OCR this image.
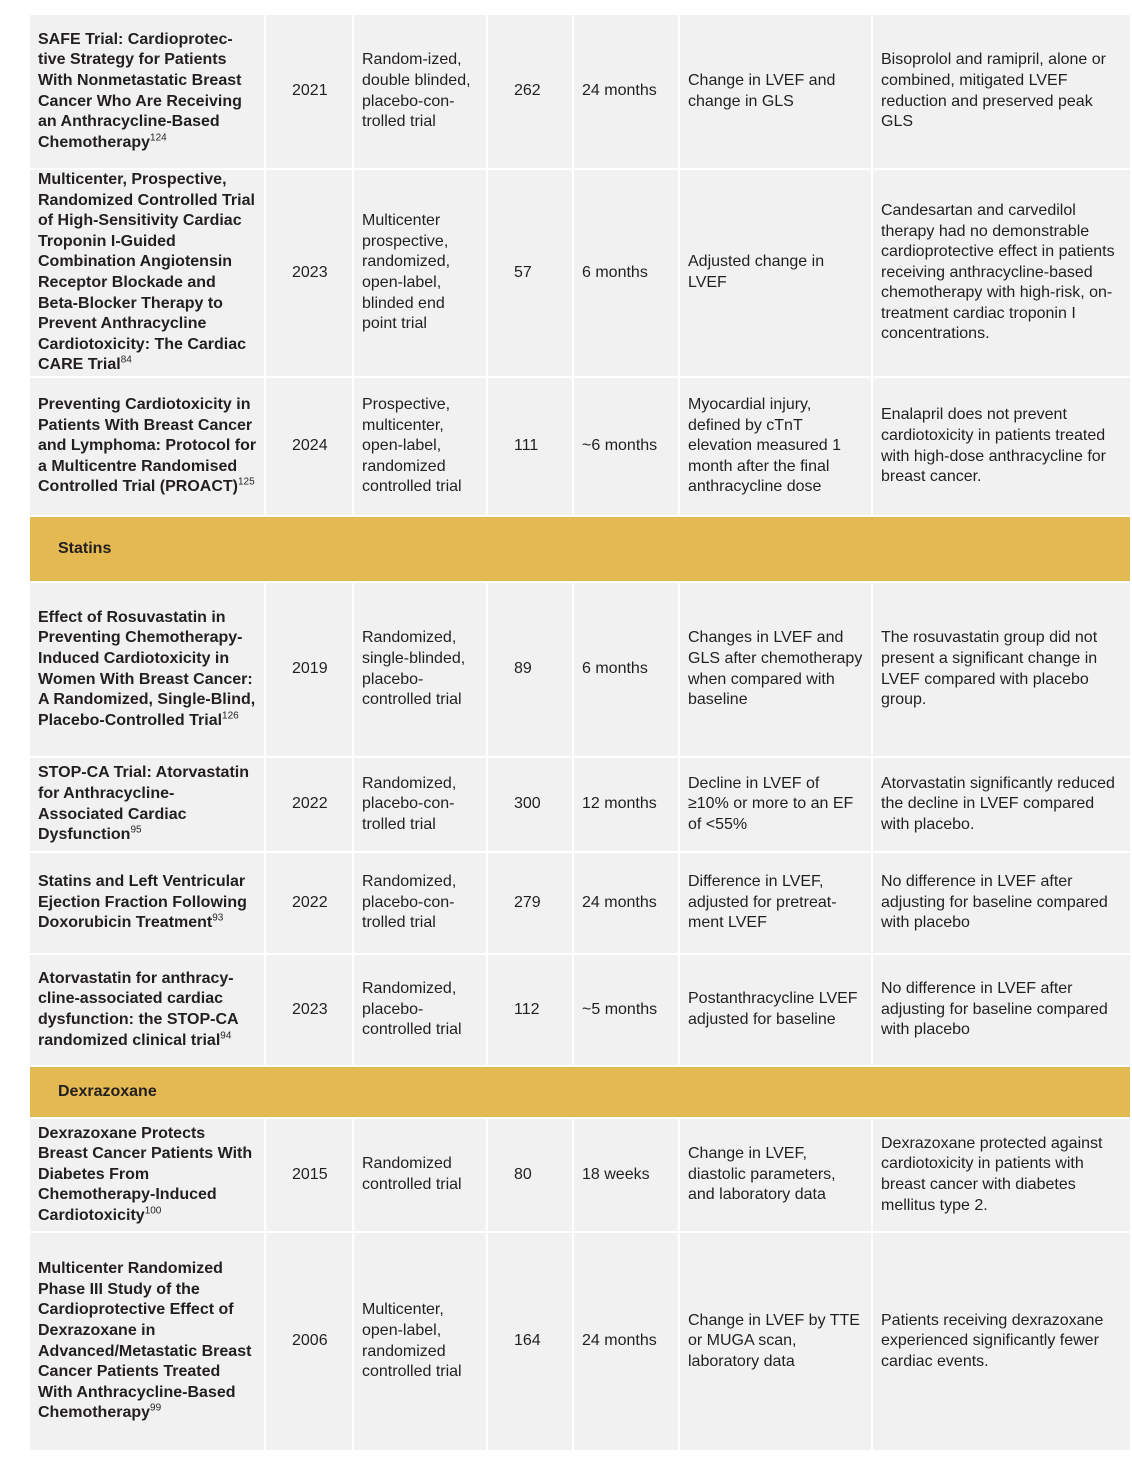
SAFE Trial: Cardioprotec-tive Strategy for Patients With Nonmetastatic Breast Cancer Who Are Receiving an Anthracycline-Based Chemotherapy$^{124}$	2021	Random-ized, double blinded, placebo-con-trolled trial	262	24 months	Change in LVEF and change in GLS	Bisoprolol and ramipril, alone or combined, mitigated LVEF reduction and preserved peak GLS
Multicenter, Prospective, Randomized Controlled Trial of High-Sensitivity Cardiac Troponin I-Guided Combination Angiotensin Receptor Blockade and Beta-Blocker Therapy to Prevent Anthracycline Cardiotoxicity: The Cardiac CARE Trial$^{84}$	2023	Multicenter prospective, randomized, open-label, blinded end point trial	57	6 months	Adjusted change in LVEF	Candesartan and carvedilol therapy had no demonstrable cardioprotective effect in patients receiving anthracycline-based chemotherapy with high-risk, on-treatment cardiac troponin I concentrations.
Preventing Cardiotoxicity in Patients With Breast Cancer and Lymphoma: Protocol for a Multicentre Randomised Controlled Trial (PROACT)$^{125}$	2024	Prospective, multicenter, open-label, randomized controlled trial	111	~6 months	Myocardial injury, defined by cTnT elevation measured 1 month after the final anthracycline dose	Enalapril does not prevent cardiotoxicity in patients treated with high-dose anthracycline for breast cancer.
Statins						
Effect of Rosuvastatin in Preventing Chemotherapy-Induced Cardiotoxicity in Women With Breast Cancer: A Randomized, Single-Blind, Placebo-Controlled Trial$^{126}$	2019	Randomized, single-blinded, placebo-controlled trial	89	6 months	Changes in LVEF and GLS after chemotherapy when compared with baseline	The rosuvastatin group did not present a significant change in LVEF compared with placebo group.
STOP-CA Trial: Atorvastatin for Anthracycline-Associated Cardiac Dysfunction$^{95}$	2022	Randomized, placebo-con-trolled trial	300	12 months	Decline in LVEF of ≥10% or more to an EF of <55%	Atorvastatin significantly reduced the decline in LVEF compared with placebo.
Statins and Left Ventricular Ejection Fraction Following Doxorubicin Treatment$^{93}$	2022	Randomized, placebo-con-trolled trial	279	24 months	Difference in LVEF, adjusted for pretreat-ment LVEF	No difference in LVEF after adjusting for baseline compared with placebo
Atorvastatin for anthracy-cline-associated cardiac dysfunction: the STOP-CA randomized clinical trial$^{94}$	2023	Randomized, placebo-controlled trial	112	~5 months	Postanthracycline LVEF adjusted for baseline	No difference in LVEF after adjusting for baseline compared with placebo
Dexrazoxane						
Dexrazoxane Protects Breast Cancer Patients With Diabetes From Chemotherapy-Induced Cardiotoxicity$^{100}$	2015	Randomized controlled trial	80	18 weeks	Change in LVEF, diastolic parameters, and laboratory data	Dexrazoxane protected against cardiotoxicity in patients with breast cancer with diabetes mellitus type 2.
Multicenter Randomized Phase III Study of the Cardioprotective Effect of Dexrazoxane in Advanced/Metastatic Breast Cancer Patients Treated With Anthracycline-Based Chemotherapy$^{99}$	2006	Multicenter, open-label, randomized controlled trial	164	24 months	Change in LVEF by TTE or MUGA scan, laboratory data	Patients receiving dexrazoxane experienced significantly fewer cardiac events.
